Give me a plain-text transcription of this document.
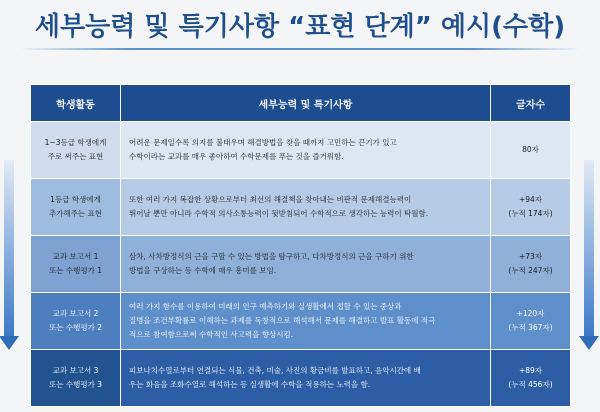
세부능력 및 특기사항 “표현 단계” 예시(수학)
학생활동	세부능력 및 특기사항	글자수

1~3등급 학생에게
주로 써주는 표현	어려운 문제일수록 의지를 불태우며 해결방법을 찾을 때까지 고민하는 끈기가 있고
수학이라는 교과를 매우 좋아하여 수학문제를 푸는 것을 즐거워함.	80자

1등급 학생에게
추가해주는 표현	또한 여러 가지 복잡한 상황으로부터 최선의 해결책을 찾아내는 비판적 문제해결능력이
뛰어날 뿐만 아니라 수학적 의사소통능력이 뒷받침되어 수학적으로 생각하는 능력이 탁월함.	+94자
(누적 174자)

교과 보고서 1
또는 수행평가 1	삼차, 사차방정식의 근을 구할 수 있는 방법을 탐구하고, 다차방정식의 근을 구하기 위한
방법을 구상하는 등 수학에 매우 흥미를 보임.	+73자
(누적 247자)

교과 보고서 2
또는 수행평가 2	여러 가지 함수를 이용하여 미래의 인구 예측하기와 실생활에서 접할 수 있는 중상과
질병을 조건부확률로 이해하는 과제를 독창적으로 해석해서 문제를 해결하고 발표 활동에 적극
적으로 참여함으로써 수학적인 사고력을 향상시킴.	+120자
(누적 367자)

교과 보고서 3
또는 수행평가 3	피보나치수열로부터 연결되는 식물, 건축, 미술, 사진의 황금비를 발표하고, 음악시간에 배
우는 화음을 조화수열로 해석하는 등 실생활에 수학을 적용하는 노력을 함.	+89자
(누적 456자)
